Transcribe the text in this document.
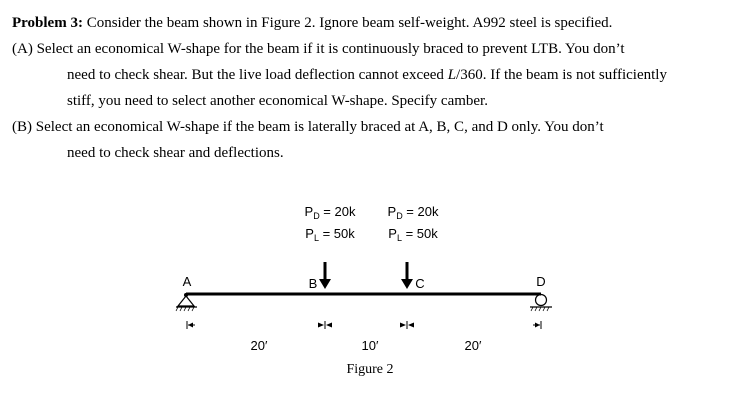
Problem 3: Consider the beam shown in Figure 2. Ignore beam self-weight. A992 steel is specified.
(A) Select an economical W-shape for the beam if it is continuously braced to prevent LTB. You don’t
need to check shear. But the live load deflection cannot exceed L/360. If the beam is not sufficiently
stiff, you need to select another economical W-shape. Specify camber.
(B) Select an economical W-shape if the beam is laterally braced at A, B, C, and D only. You don’t
need to check shear and deflections.
$P_D = 20k$
$P_L = 50k$
$P_D = 20k$
$P_L = 50k$
A	B	C	D
20′	10′	20′
Figure 2
